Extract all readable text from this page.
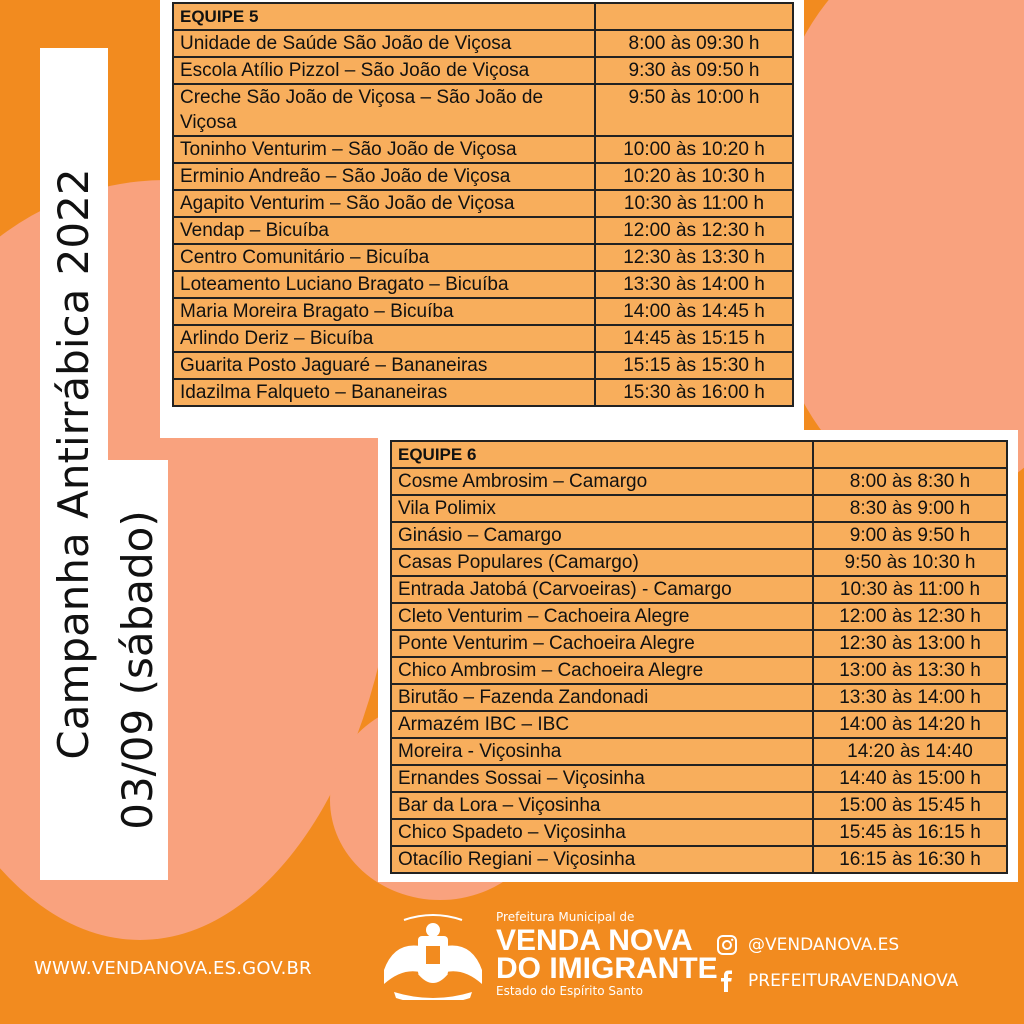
Campanha Antirrábica 2022 03/09 (sábado)
EQUIPE 5	
Unidade de Saúde São João de Viçosa	8:00 às 09:30 h
Escola Atílio Pizzol – São João de Viçosa	9:30 às 09:50 h
Creche São João de Viçosa – São João de Viçosa	9:50 às 10:00 h
Toninho Venturim – São João de Viçosa	10:00 às 10:20 h
Erminio Andreão – São João de Viçosa	10:20 às 10:30 h
Agapito Venturim – São João de Viçosa	10:30 às 11:00 h
Vendap – Bicuíba	12:00 às 12:30 h
Centro Comunitário – Bicuíba	12:30 às 13:30 h
Loteamento Luciano Bragato – Bicuíba	13:30 às 14:00 h
Maria Moreira Bragato – Bicuíba	14:00 às 14:45 h
Arlindo Deriz – Bicuíba	14:45 às 15:15 h
Guarita Posto Jaguaré – Bananeiras	15:15 às 15:30 h
Idazilma Falqueto – Bananeiras	15:30 às 16:00 h
EQUIPE 6	
Cosme Ambrosim – Camargo	8:00 às 8:30 h
Vila Polimix	8:30 às 9:00 h
Ginásio – Camargo	9:00 às 9:50 h
Casas Populares (Camargo)	9:50 às 10:30 h
Entrada Jatobá (Carvoeiras) - Camargo	10:30 às 11:00 h
Cleto Venturim – Cachoeira Alegre	12:00 às 12:30 h
Ponte Venturim – Cachoeira Alegre	12:30 às 13:00 h
Chico Ambrosim – Cachoeira Alegre	13:00 às 13:30 h
Birutão – Fazenda Zandonadi	13:30 às 14:00 h
Armazém IBC – IBC	14:00 às 14:20 h
Moreira - Viçosinha	14:20 às 14:40
Ernandes Sossai – Viçosinha	14:40 às 15:00 h
Bar da Lora – Viçosinha	15:00 às 15:45 h
Chico Spadeto – Viçosinha	15:45 às 16:15 h
Otacílio Regiani – Viçosinha	16:15 às 16:30 h
WWW.VENDANOVA.ES.GOV.BR
Prefeitura Municipal de
VENDA NOVA
DO IMIGRANTE
Estado do Espírito Santo
@VENDANOVA.ES
PREFEITURAVENDANOVA
